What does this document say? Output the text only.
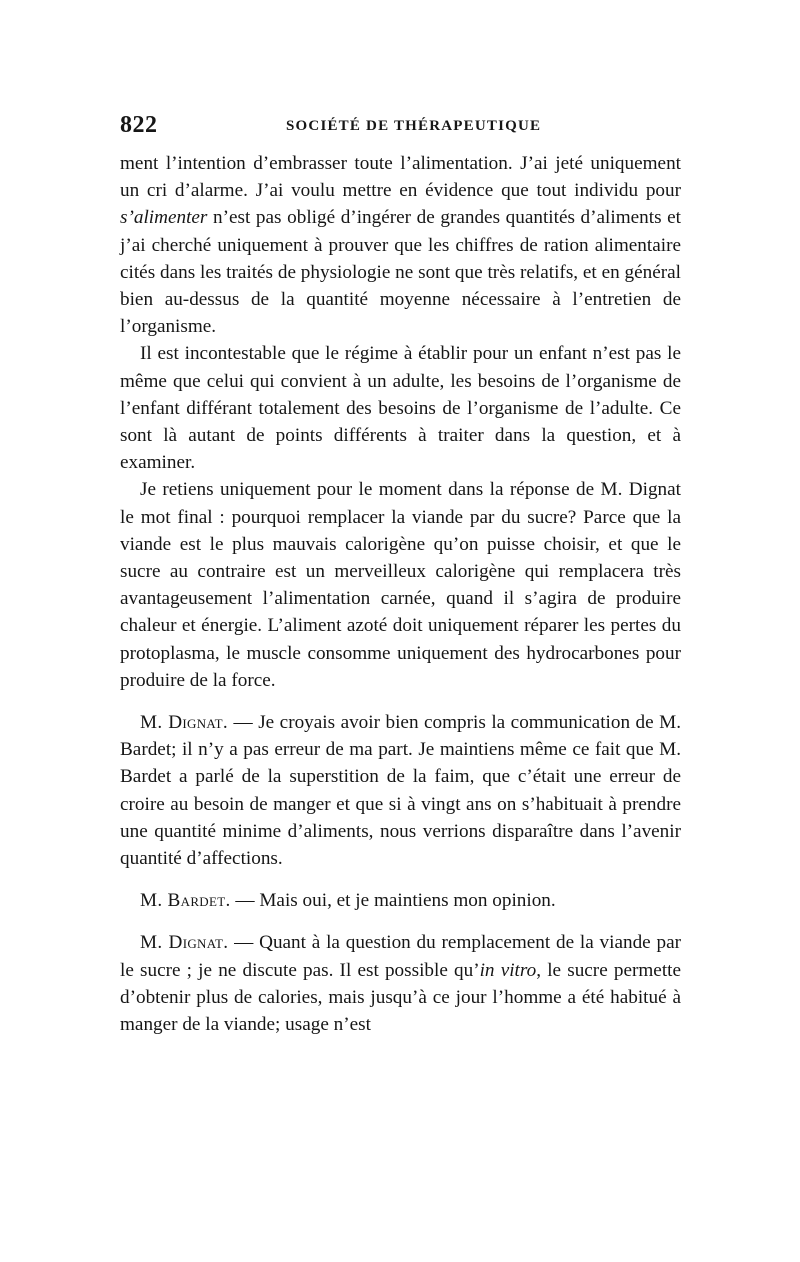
822	SOCIÉTÉ DE THÉRAPEUTIQUE

ment l’intention d’embrasser toute l’alimentation. J’ai jeté uniquement un cri d’alarme. J’ai voulu mettre en évidence que tout individu pour s’alimenter n’est pas obligé d’ingérer de grandes quantités d’aliments et j’ai cherché uniquement à prouver que les chiffres de ration alimentaire cités dans les traités de physiologie ne sont que très relatifs, et en général bien au-dessus de la quantité moyenne nécessaire à l’entretien de l’organisme.

Il est incontestable que le régime à établir pour un enfant n’est pas le même que celui qui convient à un adulte, les besoins de l’organisme de l’enfant différant totalement des besoins de l’organisme de l’adulte. Ce sont là autant de points différents à traiter dans la question, et à examiner.

Je retiens uniquement pour le moment dans la réponse de M. Dignat le mot final : pourquoi remplacer la viande par du sucre? Parce que la viande est le plus mauvais calorigène qu’on puisse choisir, et que le sucre au contraire est un merveilleux calorigène qui remplacera très avantageusement l’alimentation carnée, quand il s’agira de produire chaleur et énergie. L’aliment azoté doit uniquement réparer les pertes du protoplasma, le muscle consomme uniquement des hydrocarbones pour produire de la force.

M. Dignat. — Je croyais avoir bien compris la communication de M. Bardet; il n’y a pas erreur de ma part. Je maintiens même ce fait que M. Bardet a parlé de la superstition de la faim, que c’était une erreur de croire au besoin de manger et que si à vingt ans on s’habituait à prendre une quantité minime d’aliments, nous verrions disparaître dans l’avenir quantité d’affections.

M. Bardet. — Mais oui, et je maintiens mon opinion.

M. Dignat. — Quant à la question du remplacement de la viande par le sucre ; je ne discute pas. Il est possible qu’in vitro, le sucre permette d’obtenir plus de calories, mais jusqu’à ce jour l’homme a été habitué à manger de la viande; usage n’est
